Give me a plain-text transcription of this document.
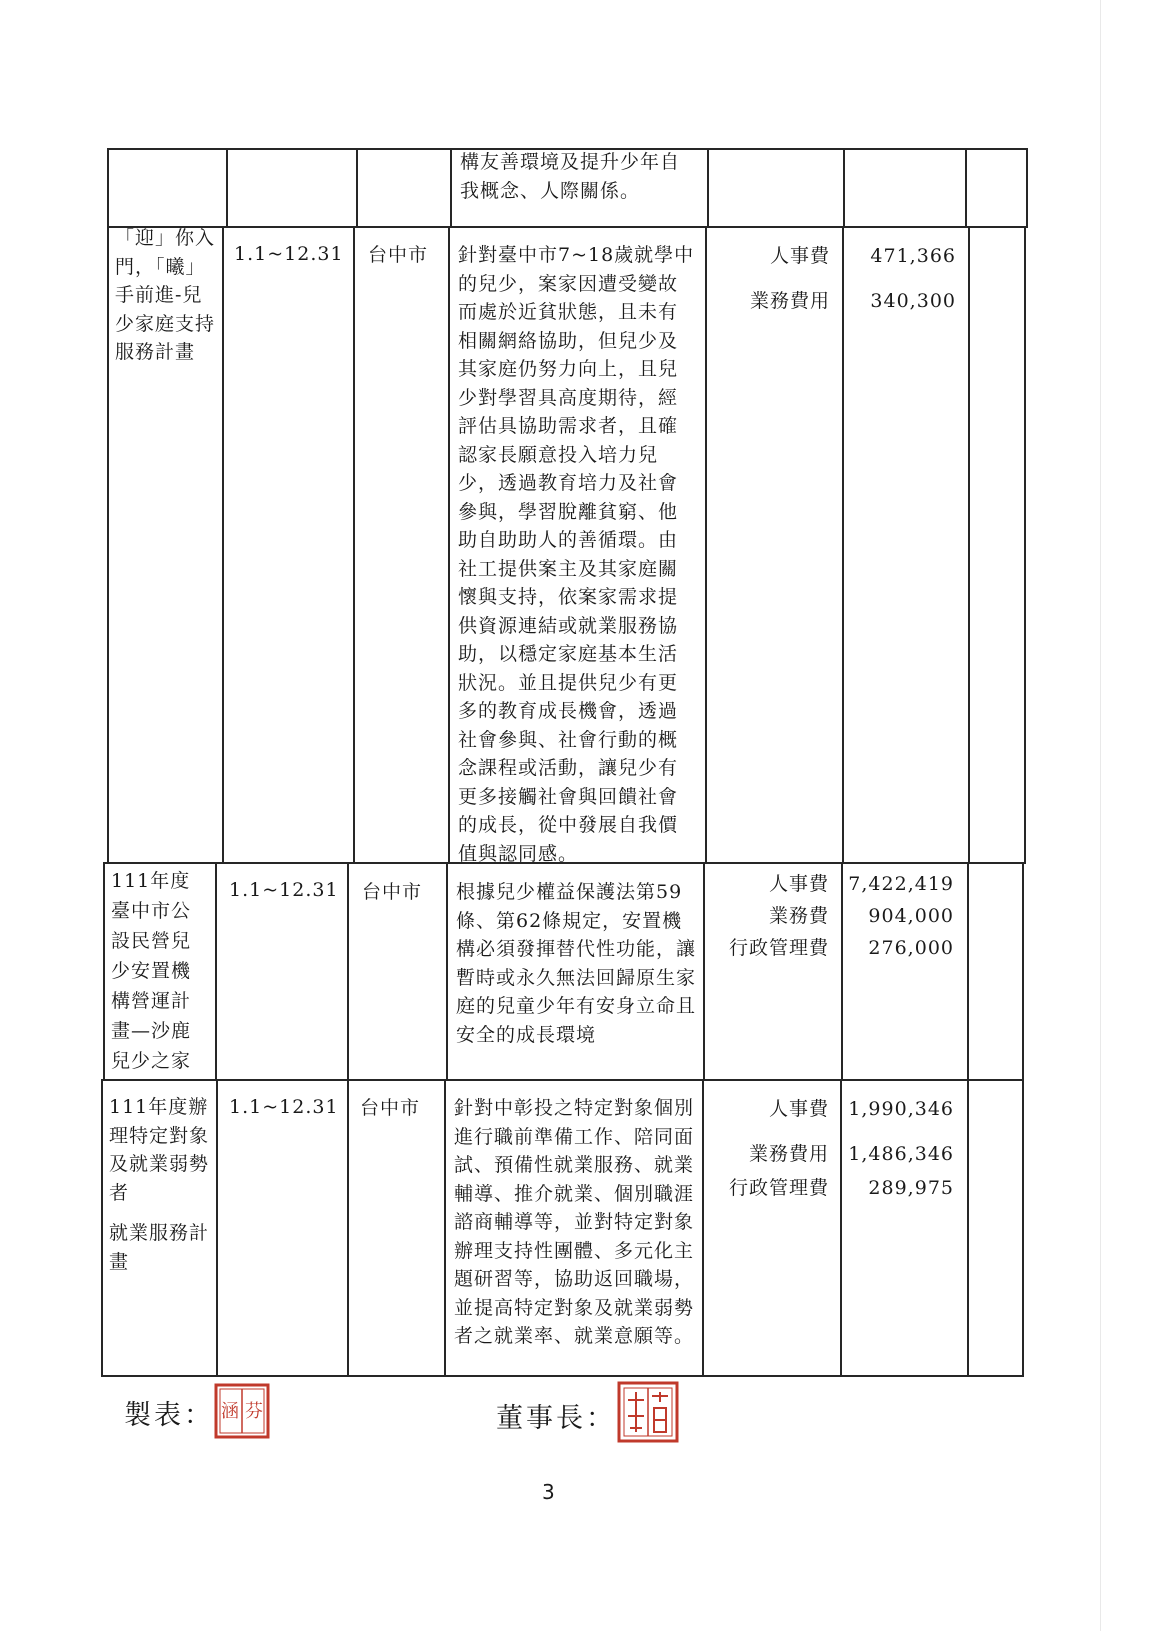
構友善環境及提升少年自我概念、人際關係。
「迎」你入門，「曦」手前進-兒少家庭支持服務計畫
1.1~12.31 台中市 針對臺中市7~18歲就學中的兒少，案家因遭受變故而處於近貧狀態，且未有相關網絡協助，但兒少及其家庭仍努力向上，且兒少對學習具高度期待，經評估具協助需求者，且確認家長願意投入培力兒少，透過教育培力及社會參與，學習脫離貧窮、他助自助助人的善循環。由社工提供案主及其家庭關懷與支持，依案家需求提供資源連結或就業服務協助，以穩定家庭基本生活狀況。並且提供兒少有更多的教育成長機會，透過社會參與、社會行動的概念課程或活動，讓兒少有更多接觸社會與回饋社會的成長，從中發展自我價值與認同感。
人事費
業務費用
471,366
340,300
111年度臺中市公設民營兒少安置機構營運計畫—沙鹿兒少之家
1.1~12.31 台中市 根據兒少權益保護法第59條、第62條規定，安置機構必須發揮替代性功能，讓暫時或永久無法回歸原生家庭的兒童少年有安身立命且安全的成長環境
人事費
業務費
行政管理費
7,422,419
904,000
276,000
111年度辦理特定對象及就業弱勢者
就業服務計畫
1.1~12.31 台中市 針對中彰投之特定對象個別進行職前準備工作、陪同面試、預備性就業服務、就業輔導、推介就業、個別職涯諮商輔導等，並對特定對象辦理支持性團體、多元化主題研習等，協助返回職場，並提高特定對象及就業弱勢者之就業率、就業意願等。
人事費
業務費用
行政管理費
1,990,346
1,486,346
289,975
製表： 涵 芬	董事長：
3
